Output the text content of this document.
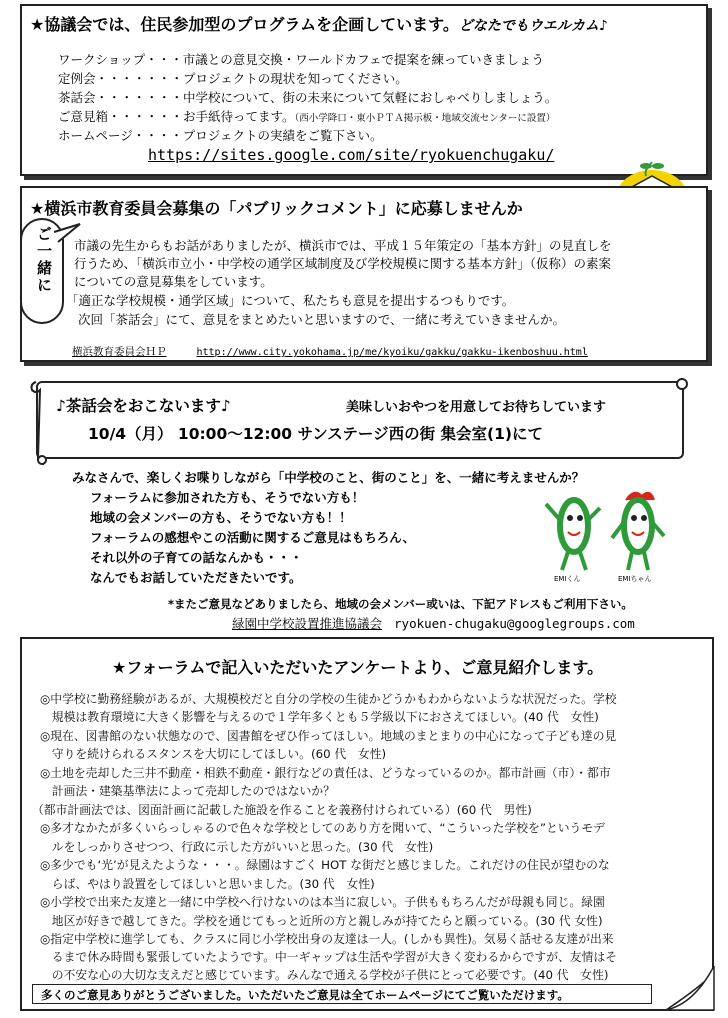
★協議会では、住民参加型のプログラムを企画しています。どなたでもウエルカム♪
ワークショップ・・・市議との意見交換・ワールドカフェで提案を練っていきましょう
定例会・・・・・・・プロジェクトの現状を知ってください。
茶話会・・・・・・・中学校について、街の未来について気軽におしゃべりしましょう。
ご意見箱・・・・・・お手紙待ってます。（西小学降口・東小ＰＴＡ掲示板・地域交流センターに設置）
ホームページ・・・・プロジェクトの実績をご覧下さい。
https://sites.google.com/site/ryokuenchugaku/
★横浜市教育委員会募集の「パブリックコメント」に応募しませんか
ご一緒に 市議の先生からもお話がありましたが、横浜市では、平成１５年策定の「基本方針」の見直しを
行うため、「横浜市立小・中学校の通学区域制度及び学校規模に関する基本方針」（仮称）の素案
についての意見募集をしています。
「適正な学校規模・通学区域」について、私たちも意見を提出するつもりです。
次回「茶話会」にて、意見をまとめたいと思いますので、一緒に考えていきませんか。
横浜教育委員会ＨＰ	http://www.city.yokohama.jp/me/kyoiku/gakku/gakku-ikenboshuu.html
♪茶話会をおこないます♪	美味しいおやつを用意してお待ちしています
10/4（月） 10:00〜12:00 サンステージ西の街 集会室(1)にて
みなさんで、楽しくお喋りしながら「中学校のこと、街のこと」を、一緒に考えませんか？
フォーラムに参加された方も、そうでない方も！
地域の会メンバーの方も、そうでない方も！！
フォーラムの感想やこの活動に関するご意見はもちろん、
それ以外の子育ての話なんかも・・・
なんでもお話していただきたいです。	EMIくん	EMIちゃん
*またご意見などありましたら、地域の会メンバー或いは、下記アドレスもご利用下さい。
緑園中学校設置推進協議会 ryokuen-chugaku@googlegroups.com
★フォーラムで記入いただいたアンケートより、ご意見紹介します。
◎中学校に勤務経験があるが、大規模校だと自分の学校の生徒かどうかもわからないような状況だった。学校
　規模は教育環境に大きく影響を与えるので１学年多くとも５学級以下におさえてほしい。(40 代　女性)
◎現在、図書館のない状態なので、図書館をぜひ作ってほしい。地域のまとまりの中心になって子ども達の見
　守りを続けられるスタンスを大切にしてほしい。(60 代　女性)
◎土地を売却した三井不動産・相鉄不動産・銀行などの責任は、どうなっているのか。都市計画（市）・都市
　計画法・建築基準法によって売却したのではないか？
（都市計画法では、図面計画に記載した施設を作ることを義務付けられている）(60 代　男性)
◎多才なかたが多くいらっしゃるので色々な学校としてのあり方を聞いて、“こういった学校を”というモデ
　ルをしっかりさせつつ、行政に示した方がいいと思った。(30 代　女性)
◎多少でも‘光’が見えたような・・・。緑園はすごく HOT な街だと感じました。これだけの住民が望むのな
　らば、やはり設置をしてほしいと思いました。(30 代　女性)
◎小学校で出来た友達と一緒に中学校へ行けないのは本当に寂しい。子供ももちろんだが母親も同じ。緑園
　地区が好きで越してきた。学校を通じてもっと近所の方と親しみが持てたらと願っている。(30 代 女性)
◎指定中学校に進学しても、クラスに同じ小学校出身の友達は一人。(しかも異性)。気易く話せる友達が出来
　るまで休み時間も緊張していたようです。中一ギャップは生活や学習が大きく変わるからですが、友情はそ
　の不安な心の大切な支えだと感じています。みんなで通える学校が子供にとって必要です。(40 代　女性)
多くのご意見ありがとうございました。いただいたご意見は全てホームページにてご覧いただけます。
